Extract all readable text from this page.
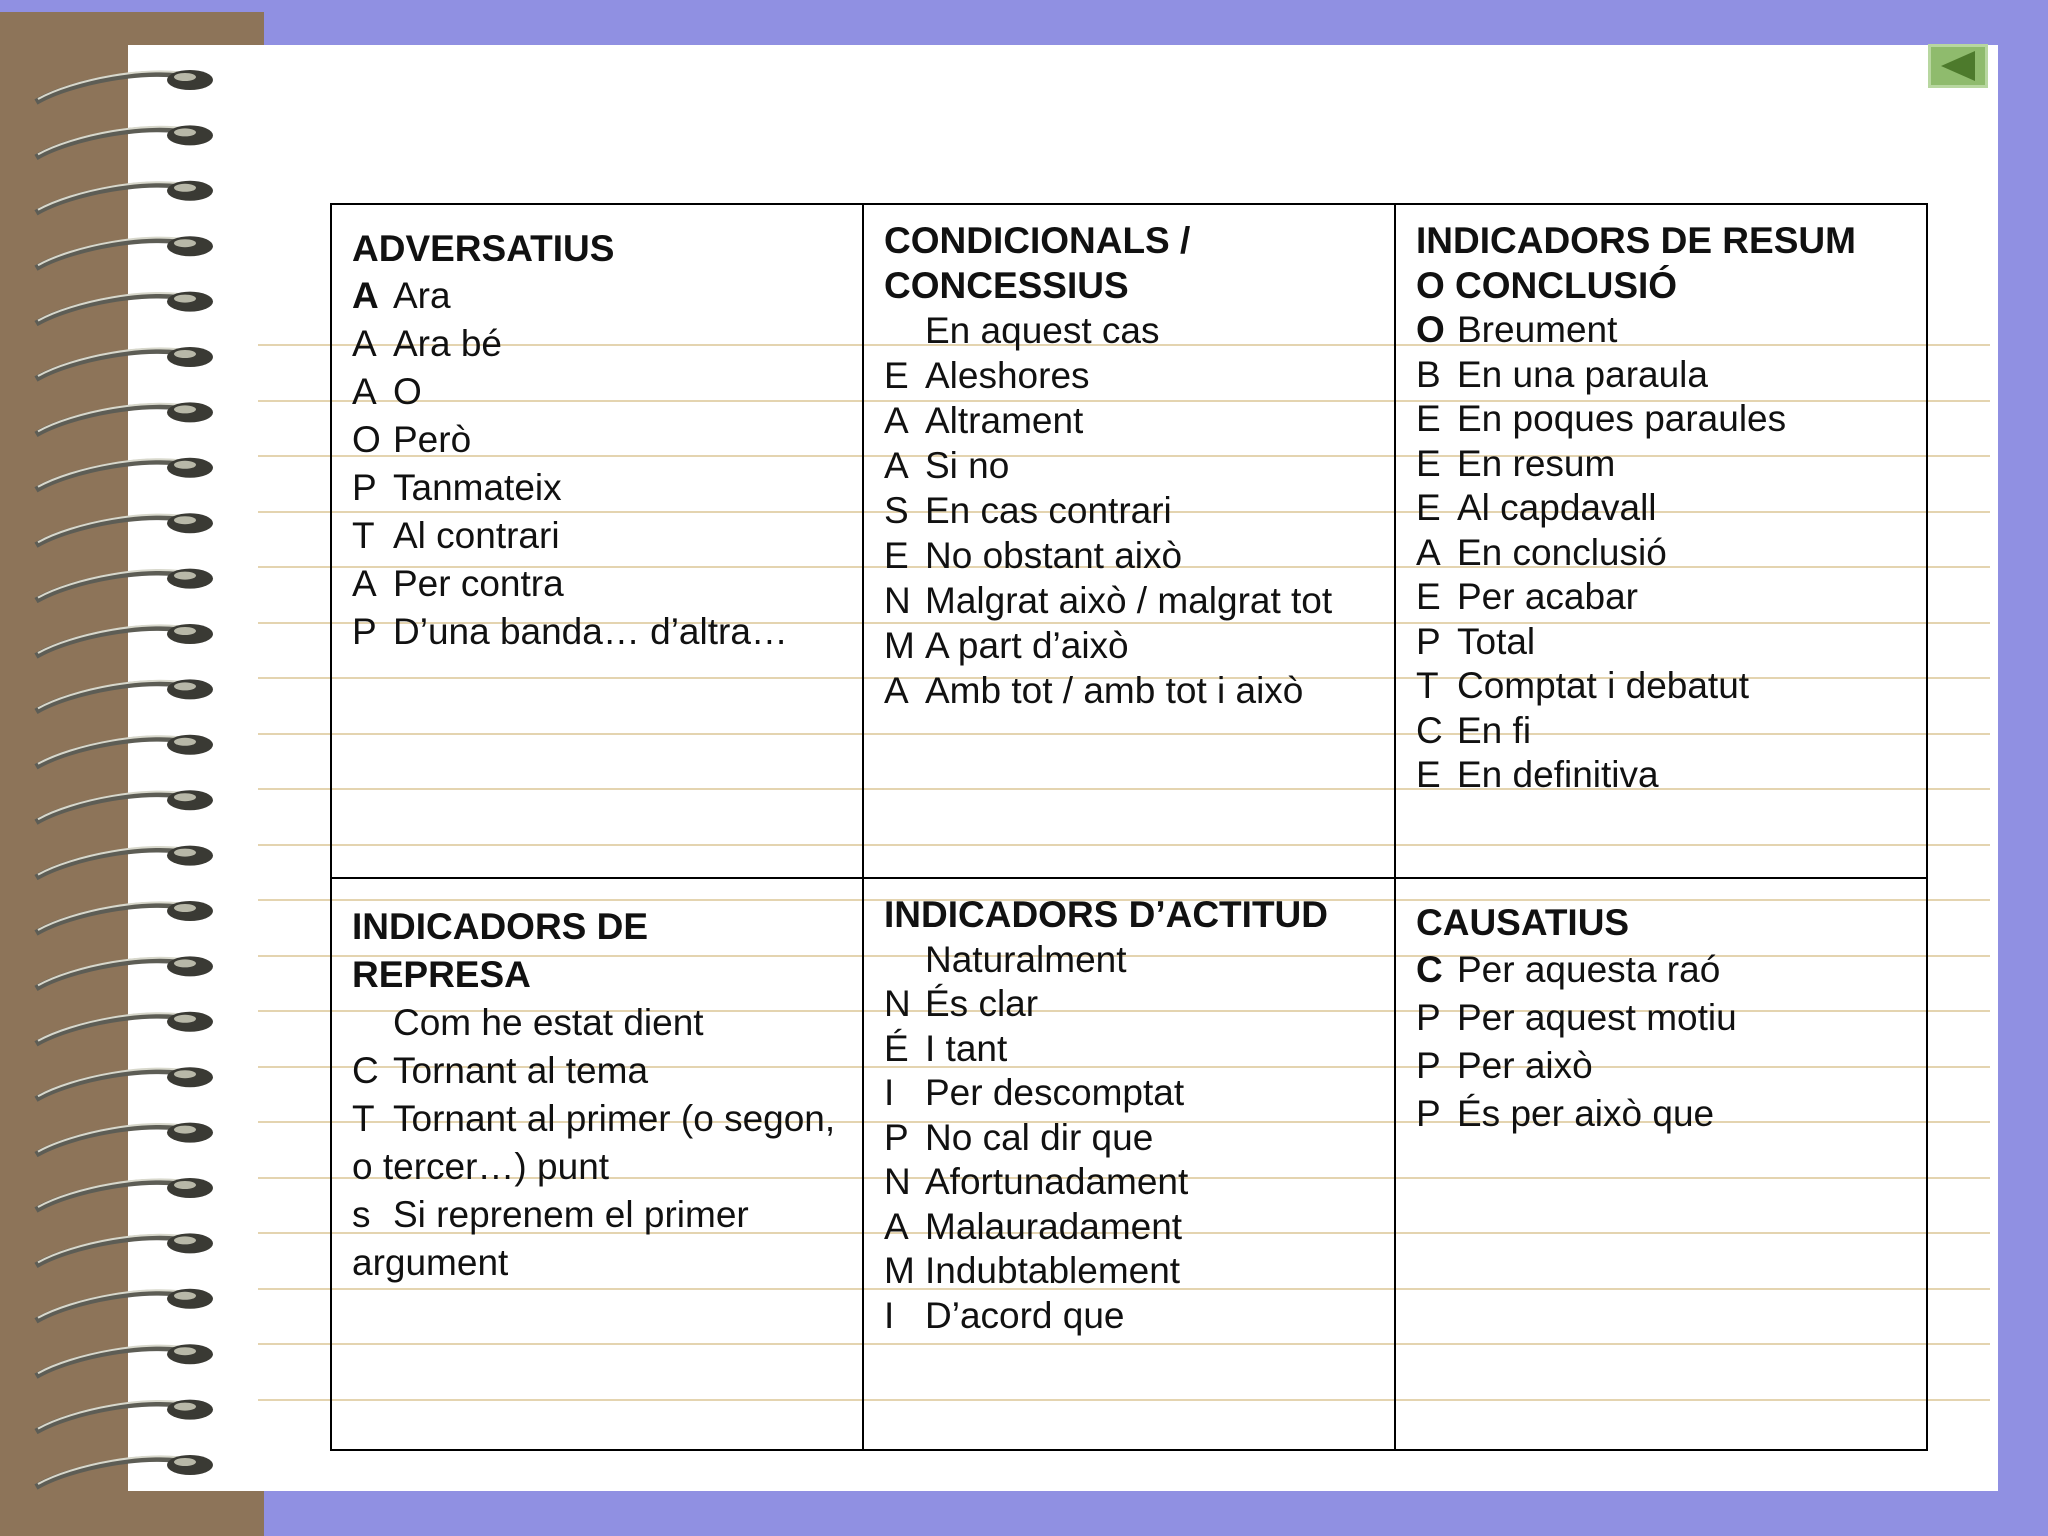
ADVERSATIUS
A Ara
A Ara bé
A O
O Però
P Tanmateix
T Al contrari
A Per contra
P D’una banda… d’altra…
CONDICIONALS /
CONCESSIUS
En aquest cas
E Aleshores
A Altrament
A Si no
S En cas contrari
E No obstant això
N Malgrat això / malgrat tot
M A part d’això
A Amb tot / amb tot i això
INDICADORS DE RESUM
O CONCLUSIÓ
O Breument
B En una paraula
E En poques paraules
E En resum
E Al capdavall
A En conclusió
E Per acabar
P Total
T Comptat i debatut
C En fi
E En definitiva
INDICADORS DE
REPRESA
Com he estat dient
C Tornant al tema
T Tornant al primer (o segon, o tercer…) punt
s Si reprenem el primer argument
INDICADORS D’ACTITUD
Naturalment
N És clar
É I tant
I Per descomptat
P No cal dir que
N Afortunadament
A Malauradament
M Indubtablement
I D’acord que
CAUSATIUS
C Per aquesta raó
P Per aquest motiu
P Per això
P És per això que
